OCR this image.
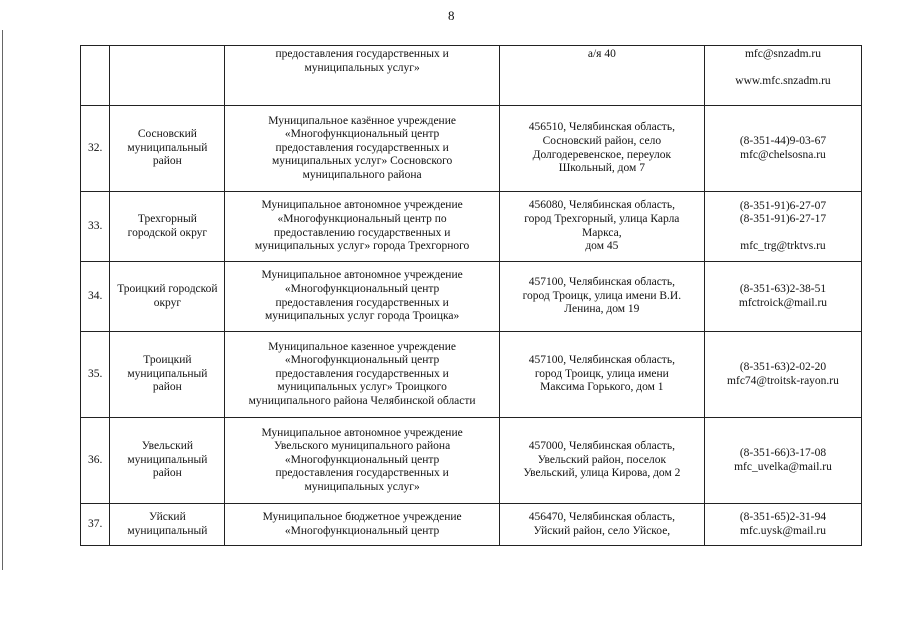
8
		предоставления государственных и
муниципальных услуг»	а/я 40	mfc@snzadm.ru
www.mfc.snzadm.ru

32.	Сосновский
муниципальный
район	Муниципальное казённое учреждение
«Многофункциональный центр
предоставления государственных и
муниципальных услуг» Сосновского
муниципального района	456510, Челябинская область,
Сосновский район, село
Долгодеревенское, переулок
Школьный, дом 7	(8-351-44)9-03-67
mfc@chelsosna.ru

33.	Трехгорный
городской округ	Муниципальное автономное учреждение
«Многофункциональный центр по
предоставлению государственных и
муниципальных услуг» города Трехгорного	456080, Челябинская область,
город Трехгорный, улица Карла
Маркса,
дом 45	(8-351-91)6-27-07
(8-351-91)6-27-17
mfc_trg@trktvs.ru

34.	Троицкий городской
округ	Муниципальное автономное учреждение
«Многофункциональный центр
предоставления государственных и
муниципальных услуг города Троицка»	457100, Челябинская область,
город Троицк, улица имени В.И.
Ленина, дом 19	(8-351-63)2-38-51
mfctroick@mail.ru

35.	Троицкий
муниципальный
район	Муниципальное казенное учреждение
«Многофункциональный центр
предоставления государственных и
муниципальных услуг» Троицкого
муниципального района Челябинской области	457100, Челябинская область,
город Троицк, улица имени
Максима Горького, дом 1	(8-351-63)2-02-20
mfc74@troitsk-rayon.ru

36.	Увельский
муниципальный
район	Муниципальное автономное учреждение
Увельского муниципального района
«Многофункциональный центр
предоставления государственных и
муниципальных услуг»	457000, Челябинская область,
Увельский район, поселок
Увельский, улица Кирова, дом 2	(8-351-66)3-17-08
mfc_uvelka@mail.ru

37.	Уйский
муниципальный	Муниципальное бюджетное учреждение
«Многофункциональный центр	456470, Челябинская область,
Уйский район, село Уйское,	(8-351-65)2-31-94
mfc.uysk@mail.ru
